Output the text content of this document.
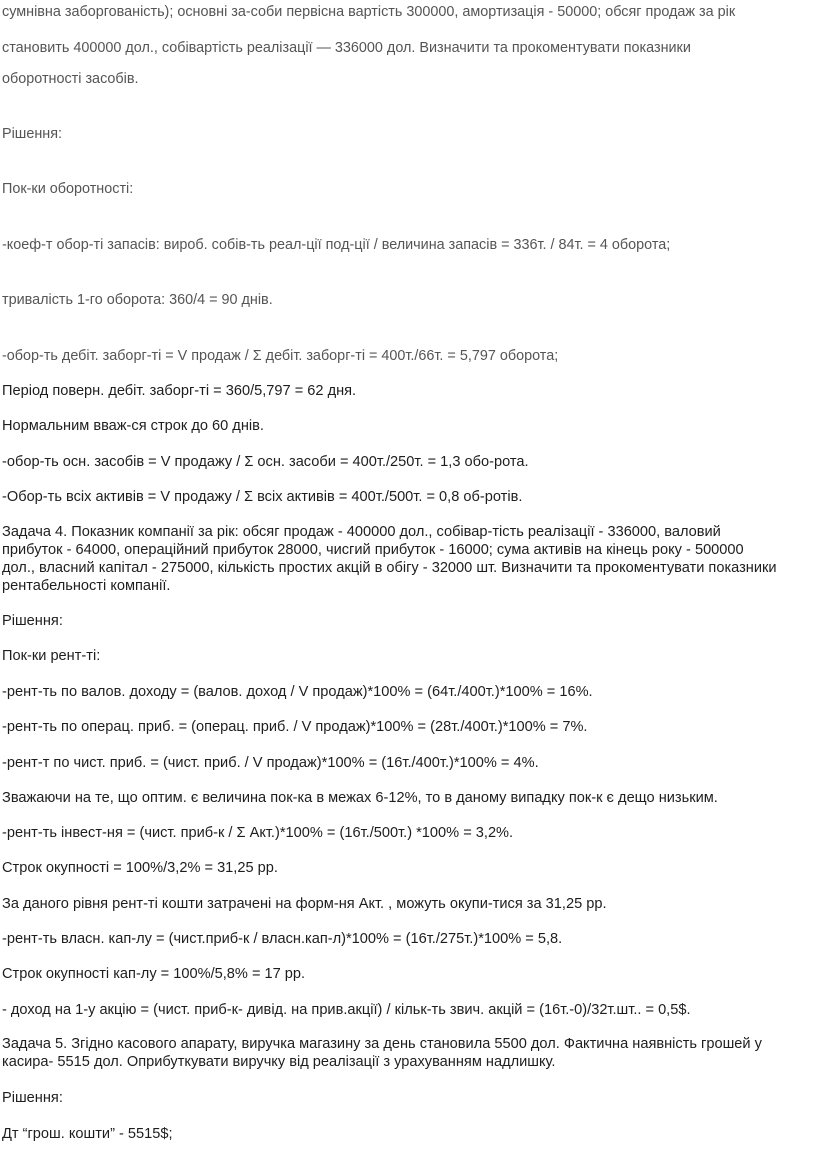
сумнівна заборгованість); основні за-соби первісна вартість 300000, амортизація - 50000; обсяг продаж за рік

становить 400000 дол., собівартість реалізації — 336000 дол. Визначити та прокоментувати показники

оборотності засобів.

Рішення:

Пок-ки оборотності:

-коеф-т обор-ті запасів: вироб. собів-ть реал-ції под-ції / величина запасів = 336т. / 84т. = 4 оборота;

тривалість 1-го оборота: 360/4 = 90 днів.

-обор-ть дебіт. заборг-ті = V продаж / Σ дебіт. заборг-ті = 400т./66т. = 5,797 оборота;

Період поверн. дебіт. заборг-ті = 360/5,797 = 62 дня.

Нормальним вваж-ся строк до 60 днів.

-обор-ть осн. засобів = V продажу / Σ осн. засоби = 400т./250т. = 1,3 обо-рота.

-Обор-ть всіх активів = V продажу / Σ всіх активів = 400т./500т. = 0,8 об-ротів.

Задача 4. Показник компанії за рік: обсяг продаж - 400000 дол., собівар-тість реалізації - 336000, валовий
прибуток - 64000, операційний прибуток 28000, чисгий прибуток - 16000; сума активів на кінець року - 500000
дол., власний капітал - 275000, кількість простих акцій в обігу - 32000 шт. Визначити та прокоментувати показники
рентабельності компанії.

Рішення:

Пок-ки рент-ті:

-рент-ть по валов. доходу = (валов. доход / V продаж)*100% = (64т./400т.)*100% = 16%.

-рент-ть по операц. приб. = (операц. приб. / V продаж)*100% = (28т./400т.)*100% = 7%.

-рент-т по чист. приб. = (чист. приб. / V продаж)*100% = (16т./400т.)*100% = 4%.

Зважаючи на те, що оптим. є величина пок-ка в межах 6-12%, то в даному випадку пок-к є дещо низьким.

-рент-ть інвест-ня = (чист. приб-к / Σ Акт.)*100% = (16т./500т.) *100% = 3,2%.

Строк окупності = 100%/3,2% = 31,25 рр.

За даного рівня рент-ті кошти затрачені на форм-ня Акт. , можуть окупи-тися за 31,25 рр.

-рент-ть власн. кап-лу = (чист.приб-к / власн.кап-л)*100% = (16т./275т.)*100% = 5,8.

Строк окупності кап-лу = 100%/5,8% = 17 рр.

- доход на 1-у акцію = (чист. приб-к- дивід. на прив.акції) / кільк-ть звич. акцій = (16т.-0)/32т.шт.. = 0,5$.

Задача 5. Згідно касового апарату, виручка магазину за день становила 5500 дол. Фактична наявність грошей у
касира- 5515 дол. Оприбуткувати виручку від реалізації з урахуванням надлишку.

Рішення:

Дт “грош. кошти” - 5515$;
